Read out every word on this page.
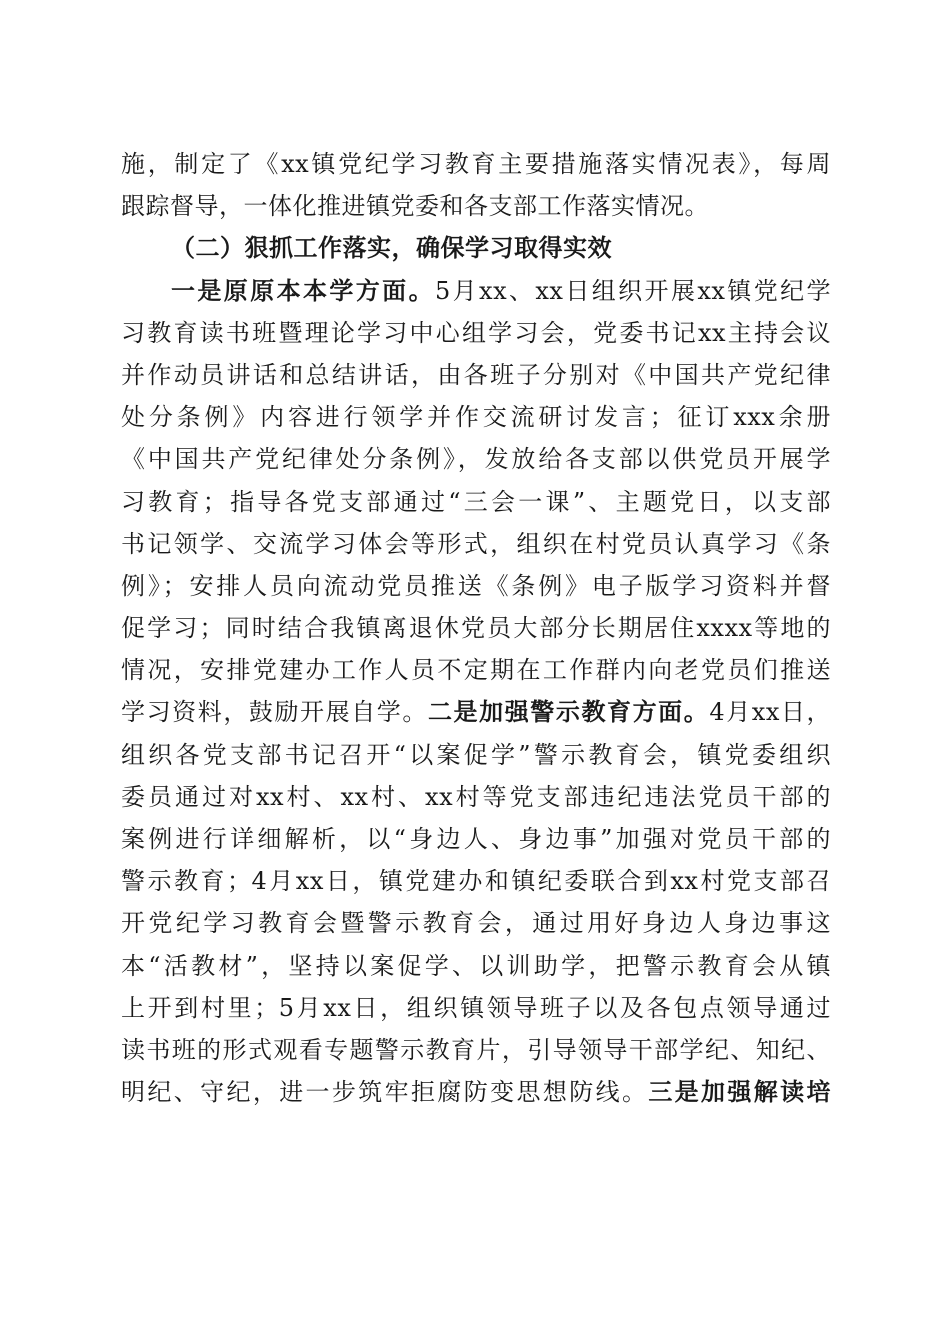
施，制定了《xx镇党纪学习教育主要措施落实情况表》，每周
跟踪督导，一体化推进镇党委和各支部工作落实情况。
（二）狠抓工作落实，确保学习取得实效
一是原原本本学方面。5月xx、xx日组织开展xx镇党纪学
习教育读书班暨理论学习中心组学习会，党委书记xx主持会议
并作动员讲话和总结讲话，由各班子分别对《中国共产党纪律
处分条例》内容进行领学并作交流研讨发言；征订xxx余册
《中国共产党纪律处分条例》，发放给各支部以供党员开展学
习教育；指导各党支部通过“三会一课”、主题党日，以支部
书记领学、交流学习体会等形式，组织在村党员认真学习《条
例》；安排人员向流动党员推送《条例》电子版学习资料并督
促学习；同时结合我镇离退休党员大部分长期居住xxxx等地的
情况，安排党建办工作人员不定期在工作群内向老党员们推送
学习资料，鼓励开展自学。二是加强警示教育方面。4月xx日，
组织各党支部书记召开“以案促学”警示教育会，镇党委组织
委员通过对xx村、xx村、xx村等党支部违纪违法党员干部的
案例进行详细解析，以“身边人、身边事”加强对党员干部的
警示教育；4月xx日，镇党建办和镇纪委联合到xx村党支部召
开党纪学习教育会暨警示教育会，通过用好身边人身边事这
本“活教材”，坚持以案促学、以训助学，把警示教育会从镇
上开到村里；5月xx日，组织镇领导班子以及各包点领导通过
读书班的形式观看专题警示教育片，引导领导干部学纪、知纪、
明纪、守纪，进一步筑牢拒腐防变思想防线。三是加强解读培
